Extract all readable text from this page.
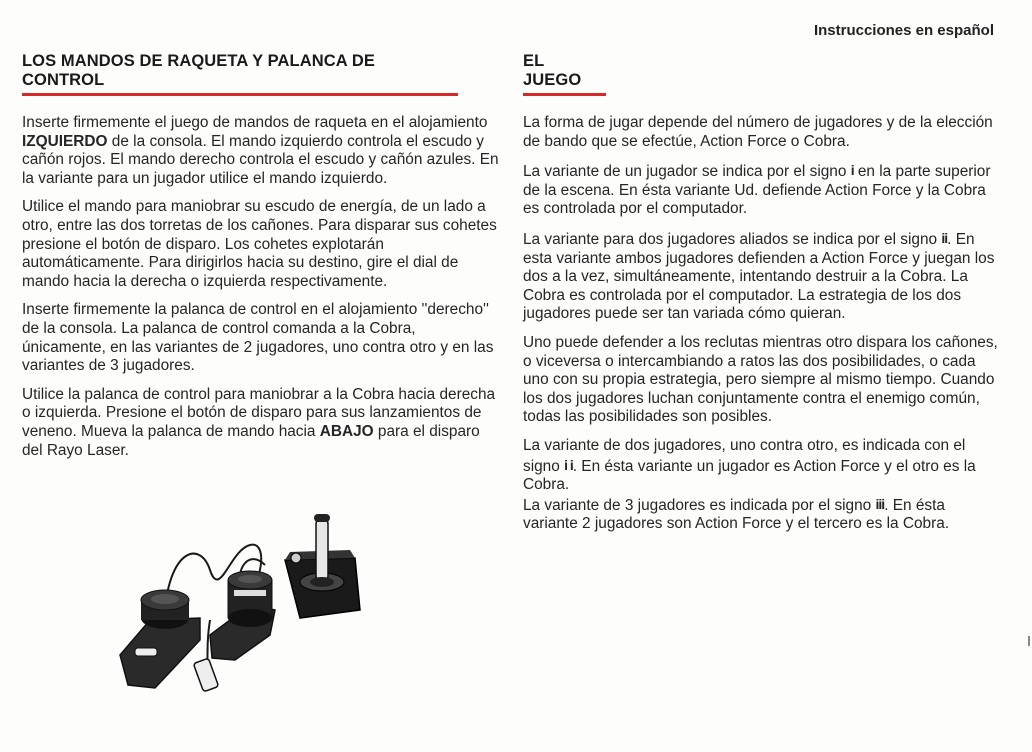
Instrucciones en español
LOS MANDOS DE RAQUETA Y PALANCA DE CONTROL

Inserte firmemente el juego de mandos de raqueta en el alojamiento IZQUIERDO de la consola. El mando izquierdo controla el escudo y cañón rojos. El mando derecho controla el escudo y cañón azules. En la variante para un jugador utilice el mando izquierdo.

Utilice el mando para maniobrar su escudo de energía, de un lado a otro, entre las dos torretas de los cañones. Para disparar sus cohetes presione el botón de disparo. Los cohetes explotarán automáticamente. Para dirigirlos hacia su destino, gire el dial de mando hacia la derecha o izquierda respectivamente.

Inserte firmemente la palanca de control en el alojamiento ''derecho'' de la consola. La palanca de control comanda a la Cobra, únicamente, en las variantes de 2 jugadores, uno contra otro y en las variantes de 3 jugadores.

Utilice la palanca de control para maniobrar a la Cobra hacia derecha o izquierda. Presione el botón de disparo para sus lanzamientos de veneno. Mueva la palanca de mando hacia ABAJO para el disparo del Rayo Laser.

EL JUEGO

La forma de jugar depende del número de jugadores y de la elección de bando que se efectúe, Action Force o Cobra.

La variante de un jugador se indica por el signo i en la parte superior de la escena. En ésta variante Ud. defiende Action Force y la Cobra es controlada por el computador.

La variante para dos jugadores aliados se indica por el signo ii. En esta variante ambos jugadores defienden a Action Force y juegan los dos a la vez, simultáneamente, intentando destruir a la Cobra. La Cobra es controlada por el computador. La estrategia de los dos jugadores puede ser tan variada cómo quieran.

Uno puede defender a los reclutas mientras otro dispara los cañones, o viceversa o intercambiando a ratos las dos posibilidades, o cada uno con su propia estrategia, pero siempre al mismo tiempo. Cuando los dos jugadores luchan conjuntamente contra el enemigo común, todas las posibilidades son posibles.

La variante de dos jugadores, uno contra otro, es indicada con el signo i i. En ésta variante un jugador es Action Force y el otro es la Cobra.

La variante de 3 jugadores es indicada por el signo iii. En ésta variante 2 jugadores son Action Force y el tercero es la Cobra.
